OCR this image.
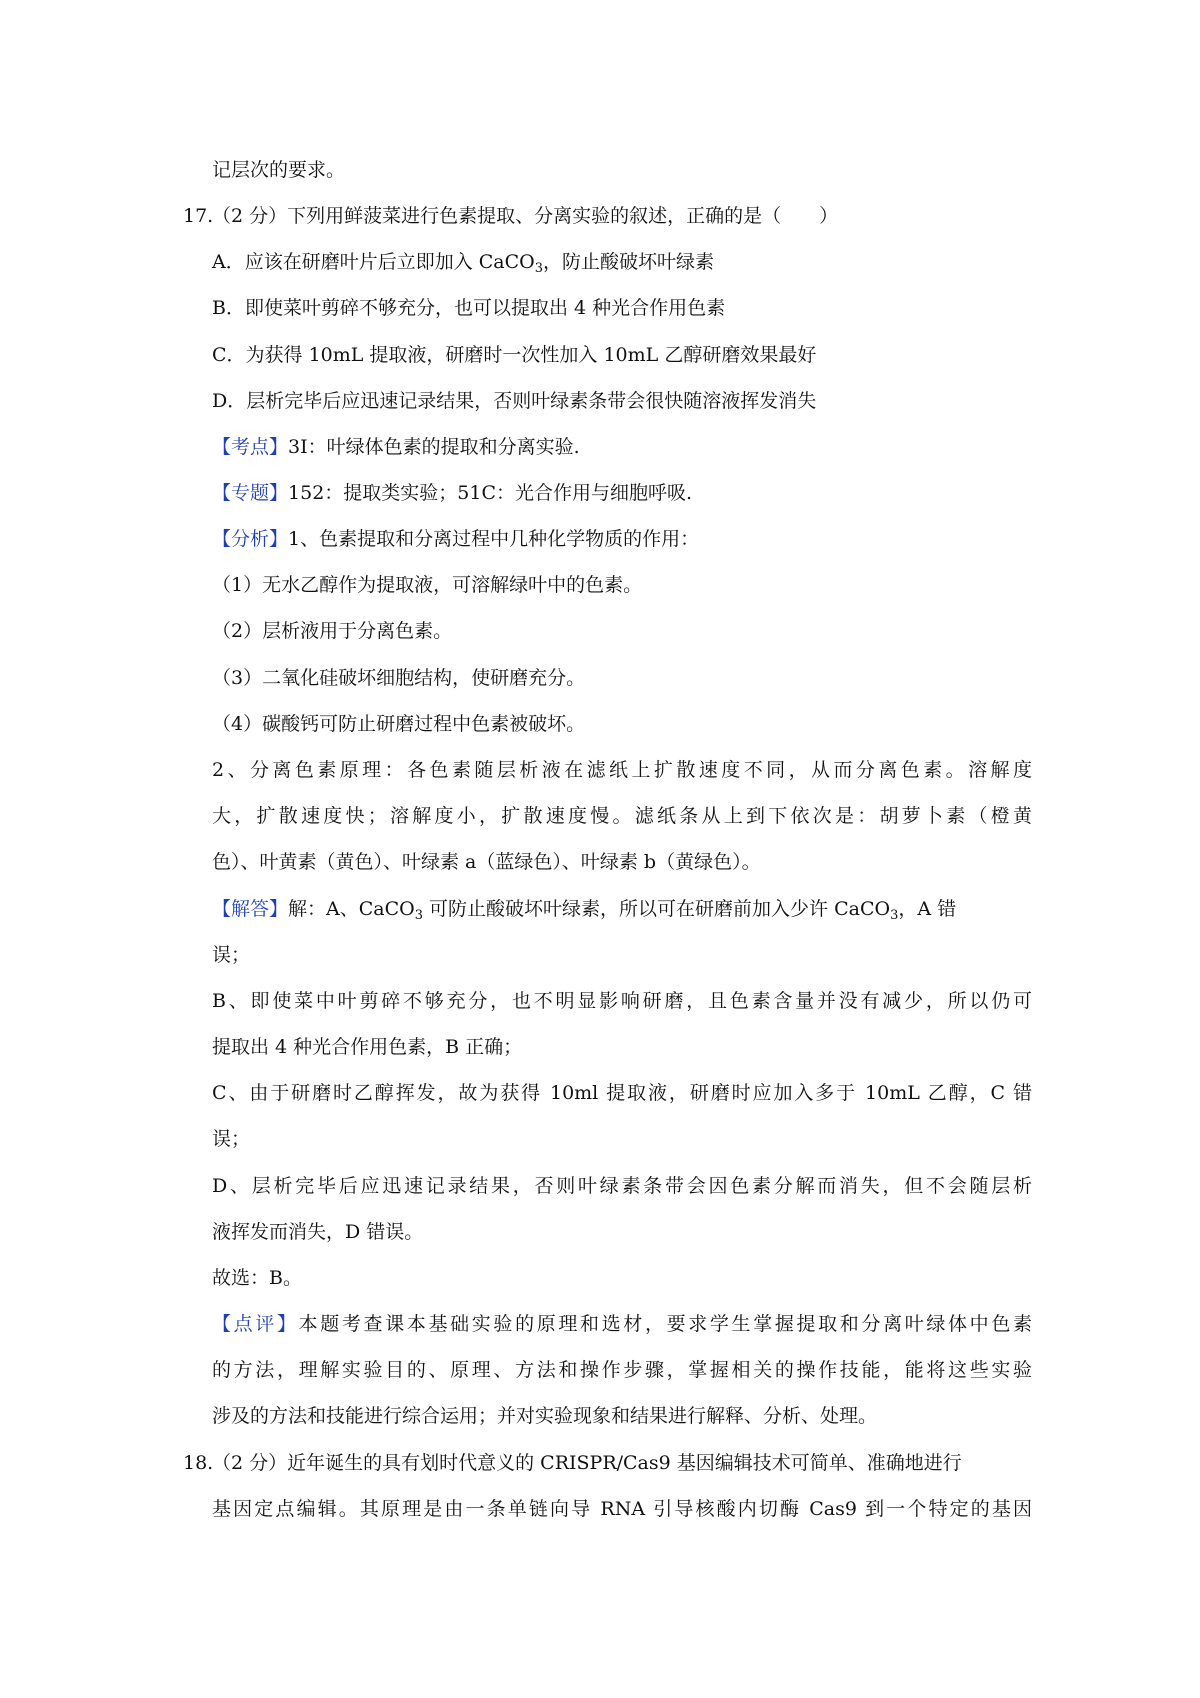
记层次的要求。
17.（2 分）下列用鲜菠菜进行色素提取、分离实验的叙述，正确的是（　　）
A．应该在研磨叶片后立即加入 CaCO$_3$，防止酸破坏叶绿素
B．即使菜叶剪碎不够充分，也可以提取出 4 种光合作用色素
C．为获得 10mL 提取液，研磨时一次性加入 10mL 乙醇研磨效果最好
D．层析完毕后应迅速记录结果，否则叶绿素条带会很快随溶液挥发消失
【考点】3I：叶绿体色素的提取和分离实验.
【专题】152：提取类实验；51C：光合作用与细胞呼吸.
【分析】1、色素提取和分离过程中几种化学物质的作用：
（1）无水乙醇作为提取液，可溶解绿叶中的色素。
（2）层析液用于分离色素。
（3）二氧化硅破坏细胞结构，使研磨充分。
（4）碳酸钙可防止研磨过程中色素被破坏。
2、分离色素原理：各色素随层析液在滤纸上扩散速度不同，从而分离色素。溶解度
大，扩散速度快；溶解度小，扩散速度慢。滤纸条从上到下依次是：胡萝卜素（橙黄
色）、叶黄素（黄色）、叶绿素 a（蓝绿色）、叶绿素 b（黄绿色）。
【解答】解：A、CaCO$_3$ 可防止酸破坏叶绿素，所以可在研磨前加入少许 CaCO$_3$，A 错
误；
B、即使菜中叶剪碎不够充分，也不明显影响研磨，且色素含量并没有减少，所以仍可
提取出 4 种光合作用色素，B 正确；
C、由于研磨时乙醇挥发，故为获得 10ml 提取液，研磨时应加入多于 10mL 乙醇，C 错
误；
D、层析完毕后应迅速记录结果，否则叶绿素条带会因色素分解而消失，但不会随层析
液挥发而消失，D 错误。
故选：B。
【点评】本题考查课本基础实验的原理和选材，要求学生掌握提取和分离叶绿体中色素
的方法，理解实验目的、原理、方法和操作步骤，掌握相关的操作技能，能将这些实验
涉及的方法和技能进行综合运用；并对实验现象和结果进行解释、分析、处理。
18.（2 分）近年诞生的具有划时代意义的 CRISPR/Cas9 基因编辑技术可简单、准确地进行
基因定点编辑。其原理是由一条单链向导 RNA 引导核酸内切酶 Cas9 到一个特定的基因
